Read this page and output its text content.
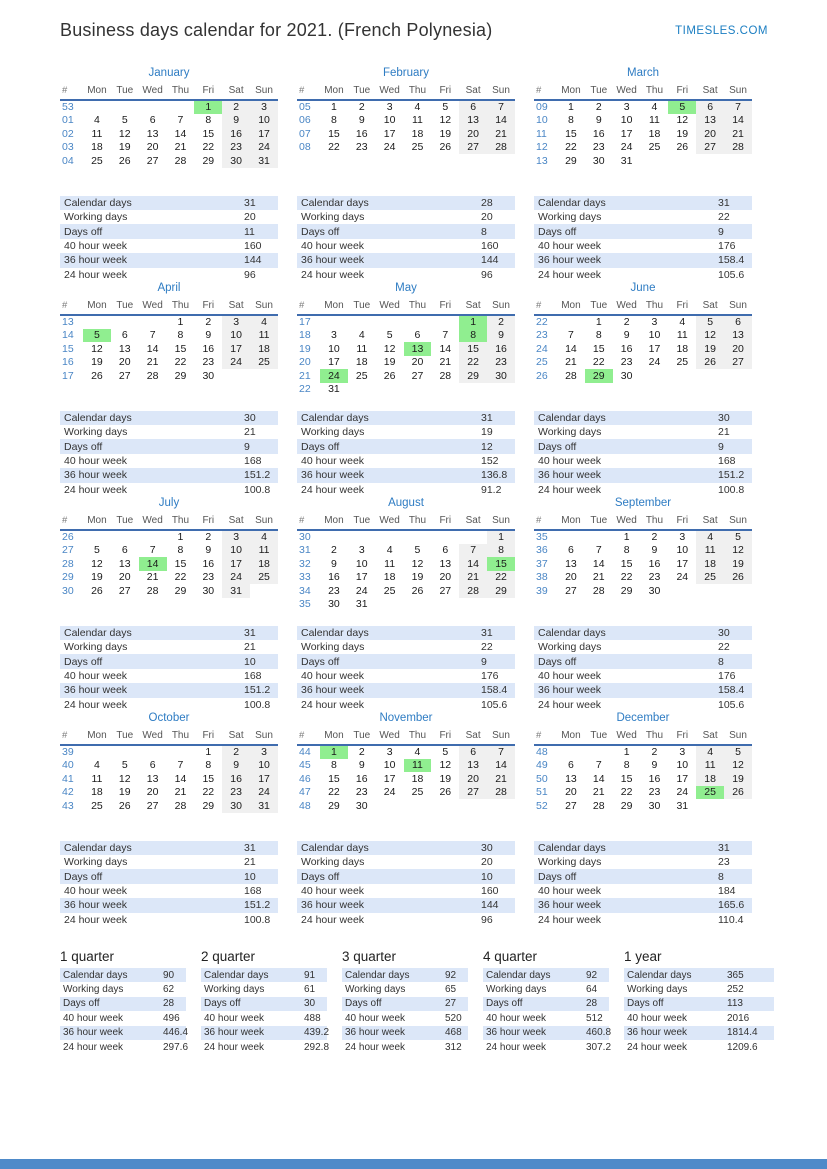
Business days calendar for 2021. (French Polynesia)	TIMESLES.COM
January
#	Mon	Tue	Wed	Thu	Fri	Sat	Sun
53					1	2	3
01	4	5	6	7	8	9	10
02	11	12	13	14	15	16	17
03	18	19	20	21	22	23	24
04	25	26	27	28	29	30	31
Calendar days	31
Working days	20
Days off	11
40 hour week	160
36 hour week	144
24 hour week	96
February
#	Mon	Tue	Wed	Thu	Fri	Sat	Sun
05	1	2	3	4	5	6	7
06	8	9	10	11	12	13	14
07	15	16	17	18	19	20	21
08	22	23	24	25	26	27	28
Calendar days	28
Working days	20
Days off	8
40 hour week	160
36 hour week	144
24 hour week	96
March
#	Mon	Tue	Wed	Thu	Fri	Sat	Sun
09	1	2	3	4	5	6	7
10	8	9	10	11	12	13	14
11	15	16	17	18	19	20	21
12	22	23	24	25	26	27	28
13	29	30	31				
Calendar days	31
Working days	22
Days off	9
40 hour week	176
36 hour week	158.4
24 hour week	105.6
April
#	Mon	Tue	Wed	Thu	Fri	Sat	Sun
13				1	2	3	4
14	5	6	7	8	9	10	11
15	12	13	14	15	16	17	18
16	19	20	21	22	23	24	25
17	26	27	28	29	30		
Calendar days	30
Working days	21
Days off	9
40 hour week	168
36 hour week	151.2
24 hour week	100.8
May
#	Mon	Tue	Wed	Thu	Fri	Sat	Sun
17						1	2
18	3	4	5	6	7	8	9
19	10	11	12	13	14	15	16
20	17	18	19	20	21	22	23
21	24	25	26	27	28	29	30
22	31						
Calendar days	31
Working days	19
Days off	12
40 hour week	152
36 hour week	136.8
24 hour week	91.2
June
#	Mon	Tue	Wed	Thu	Fri	Sat	Sun
22		1	2	3	4	5	6
23	7	8	9	10	11	12	13
24	14	15	16	17	18	19	20
25	21	22	23	24	25	26	27
26	28	29	30				
Calendar days	30
Working days	21
Days off	9
40 hour week	168
36 hour week	151.2
24 hour week	100.8
July
#	Mon	Tue	Wed	Thu	Fri	Sat	Sun
26				1	2	3	4
27	5	6	7	8	9	10	11
28	12	13	14	15	16	17	18
29	19	20	21	22	23	24	25
30	26	27	28	29	30	31	
Calendar days	31
Working days	21
Days off	10
40 hour week	168
36 hour week	151.2
24 hour week	100.8
August
#	Mon	Tue	Wed	Thu	Fri	Sat	Sun
30							1
31	2	3	4	5	6	7	8
32	9	10	11	12	13	14	15
33	16	17	18	19	20	21	22
34	23	24	25	26	27	28	29
35	30	31					
Calendar days	31
Working days	22
Days off	9
40 hour week	176
36 hour week	158.4
24 hour week	105.6
September
#	Mon	Tue	Wed	Thu	Fri	Sat	Sun
35			1	2	3	4	5
36	6	7	8	9	10	11	12
37	13	14	15	16	17	18	19
38	20	21	22	23	24	25	26
39	27	28	29	30			
Calendar days	30
Working days	22
Days off	8
40 hour week	176
36 hour week	158.4
24 hour week	105.6
October
#	Mon	Tue	Wed	Thu	Fri	Sat	Sun
39					1	2	3
40	4	5	6	7	8	9	10
41	11	12	13	14	15	16	17
42	18	19	20	21	22	23	24
43	25	26	27	28	29	30	31
Calendar days	31
Working days	21
Days off	10
40 hour week	168
36 hour week	151.2
24 hour week	100.8
November
#	Mon	Tue	Wed	Thu	Fri	Sat	Sun
44	1	2	3	4	5	6	7
45	8	9	10	11	12	13	14
46	15	16	17	18	19	20	21
47	22	23	24	25	26	27	28
48	29	30					
Calendar days	30
Working days	20
Days off	10
40 hour week	160
36 hour week	144
24 hour week	96
December
#	Mon	Tue	Wed	Thu	Fri	Sat	Sun
48			1	2	3	4	5
49	6	7	8	9	10	11	12
50	13	14	15	16	17	18	19
51	20	21	22	23	24	25	26
52	27	28	29	30	31		
Calendar days	31
Working days	23
Days off	8
40 hour week	184
36 hour week	165.6
24 hour week	110.4
1 quarter
Calendar days	90
Working days	62
Days off	28
40 hour week	496
36 hour week	446.4
24 hour week	297.6
2 quarter
Calendar days	91
Working days	61
Days off	30
40 hour week	488
36 hour week	439.2
24 hour week	292.8
3 quarter
Calendar days	92
Working days	65
Days off	27
40 hour week	520
36 hour week	468
24 hour week	312
4 quarter
Calendar days	92
Working days	64
Days off	28
40 hour week	512
36 hour week	460.8
24 hour week	307.2
1 year
Calendar days	365
Working days	252
Days off	113
40 hour week	2016
36 hour week	1814.4
24 hour week	1209.6
